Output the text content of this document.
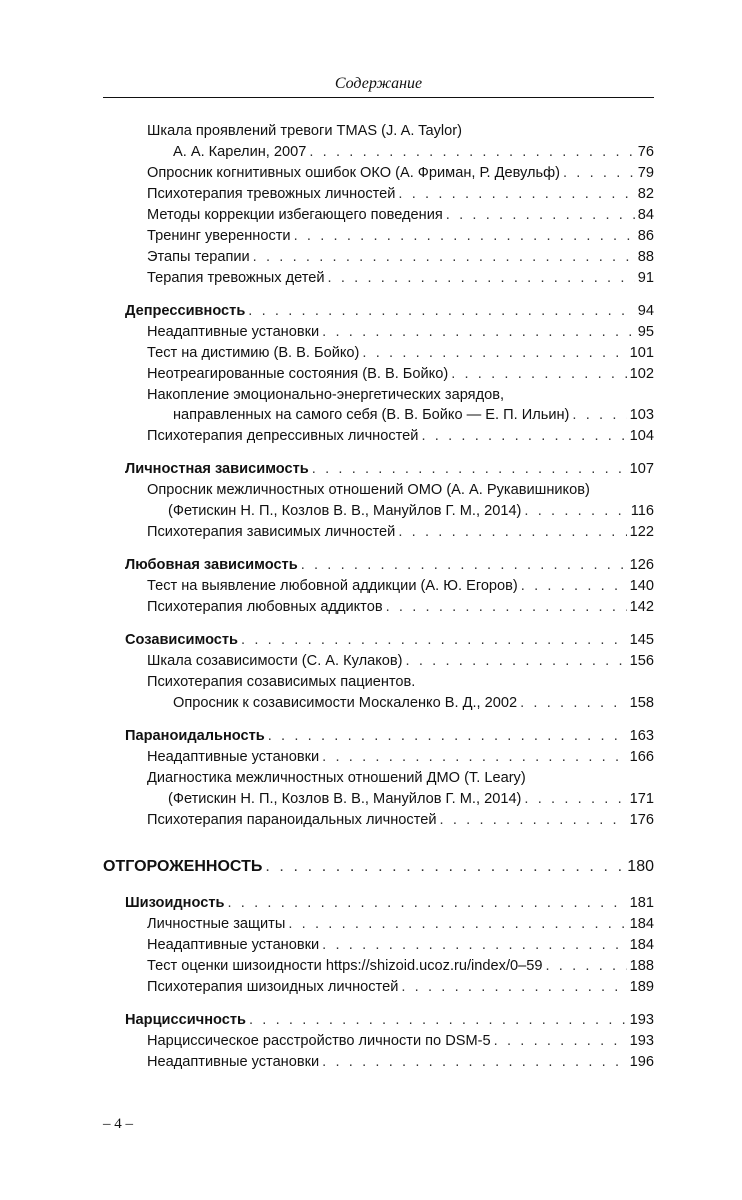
Содержание
Шкала проявлений тревоги TMAS (J. A. Taylor)
А. А. Карелин, 2007 . . .	76
Опросник когнитивных ошибок ОКО (А. Фриман, Р. Девульф) . . .	79
Психотерапия тревожных личностей . . .	82
Методы коррекции избегающего поведения . . .	84
Тренинг уверенности . . .	86
Этапы терапии . . .	88
Терапия тревожных детей . . .	91
Депрессивность . . .	94
Неадаптивные установки . . .	95
Тест на дистимию (В. В. Бойко) . . .	101
Неотреагированные состояния (В. В. Бойко) . . .	102
Накопление эмоционально-энергетических зарядов,
направленных на самого себя (В. В. Бойко — Е. П. Ильин) . . .	103
Психотерапия депрессивных личностей . . .	104
Личностная зависимость . . .	107
Опросник межличностных отношений ОМО (А. А. Рукавишников)
(Фетискин Н. П., Козлов В. В., Мануйлов Г. М., 2014) . . .	116
Психотерапия зависимых личностей . . .	122
Любовная зависимость . . .	126
Тест на выявление любовной аддикции (А. Ю. Егоров) . . .	140
Психотерапия любовных аддиктов . . .	142
Созависимость . . .	145
Шкала созависимости (С. А. Кулаков) . . .	156
Психотерапия созависимых пациентов.
Опросник к созависимости Москаленко В. Д., 2002 . . .	158
Параноидальность . . .	163
Неадаптивные установки . . .	166
Диагностика межличностных отношений ДМО (T. Leary)
(Фетискин Н. П., Козлов В. В., Мануйлов Г. М., 2014) . . .	171
Психотерапия параноидальных личностей . . .	176
ОТГОРОЖЕННОСТЬ . . .	180
Шизоидность . . .	181
Личностные защиты . . .	184
Неадаптивные установки . . .	184
Тест оценки шизоидности https://shizoid.ucoz.ru/index/0–59 . . .	188
Психотерапия шизоидных личностей . . .	189
Нарциссичность . . .	193
Нарциссическое расстройство личности по DSM-5 . . .	193
Неадаптивные установки . . .	196
– 4 –
